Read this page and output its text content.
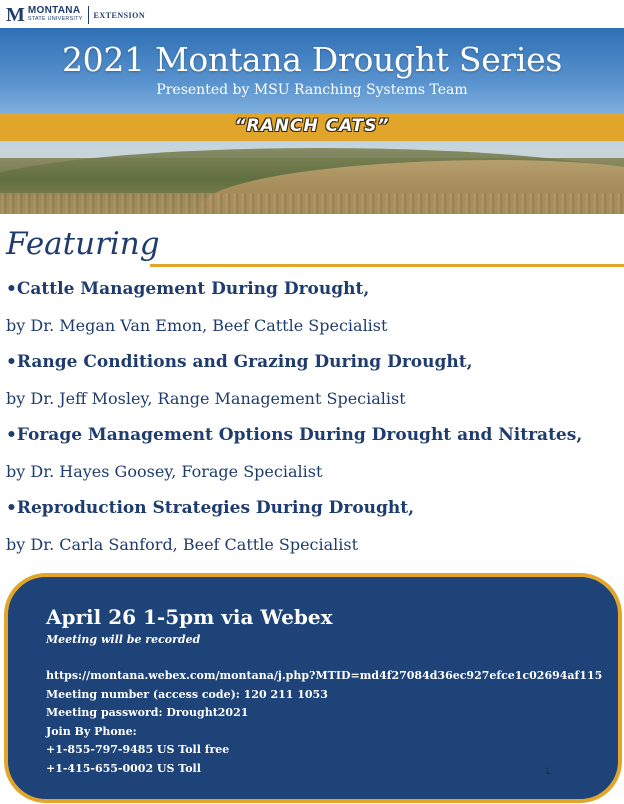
M MONTANA
STATE UNIVERSITY EXTENSION
2021 Montana Drought Series
Presented by MSU Ranching Systems Team
“RANCH CATS”
Featuring
•Cattle Management During Drought,
by Dr. Megan Van Emon, Beef Cattle Specialist
•Range Conditions and Grazing During Drought,
by Dr. Jeff Mosley, Range Management Specialist
•Forage Management Options During Drought and Nitrates,
by Dr. Hayes Goosey, Forage Specialist
•Reproduction Strategies During Drought,
by Dr. Carla Sanford, Beef Cattle Specialist
April 26 1-5pm via Webex
Meeting will be recorded
https://montana.webex.com/montana/j.php?MTID=md4f27084d36ec927efce1c02694af115
Meeting number (access code): 120 211 1053
Meeting password: Drought2021
Join By Phone:
+1-855-797-9485 US Toll free
+1-415-655-0002 US Toll	L
